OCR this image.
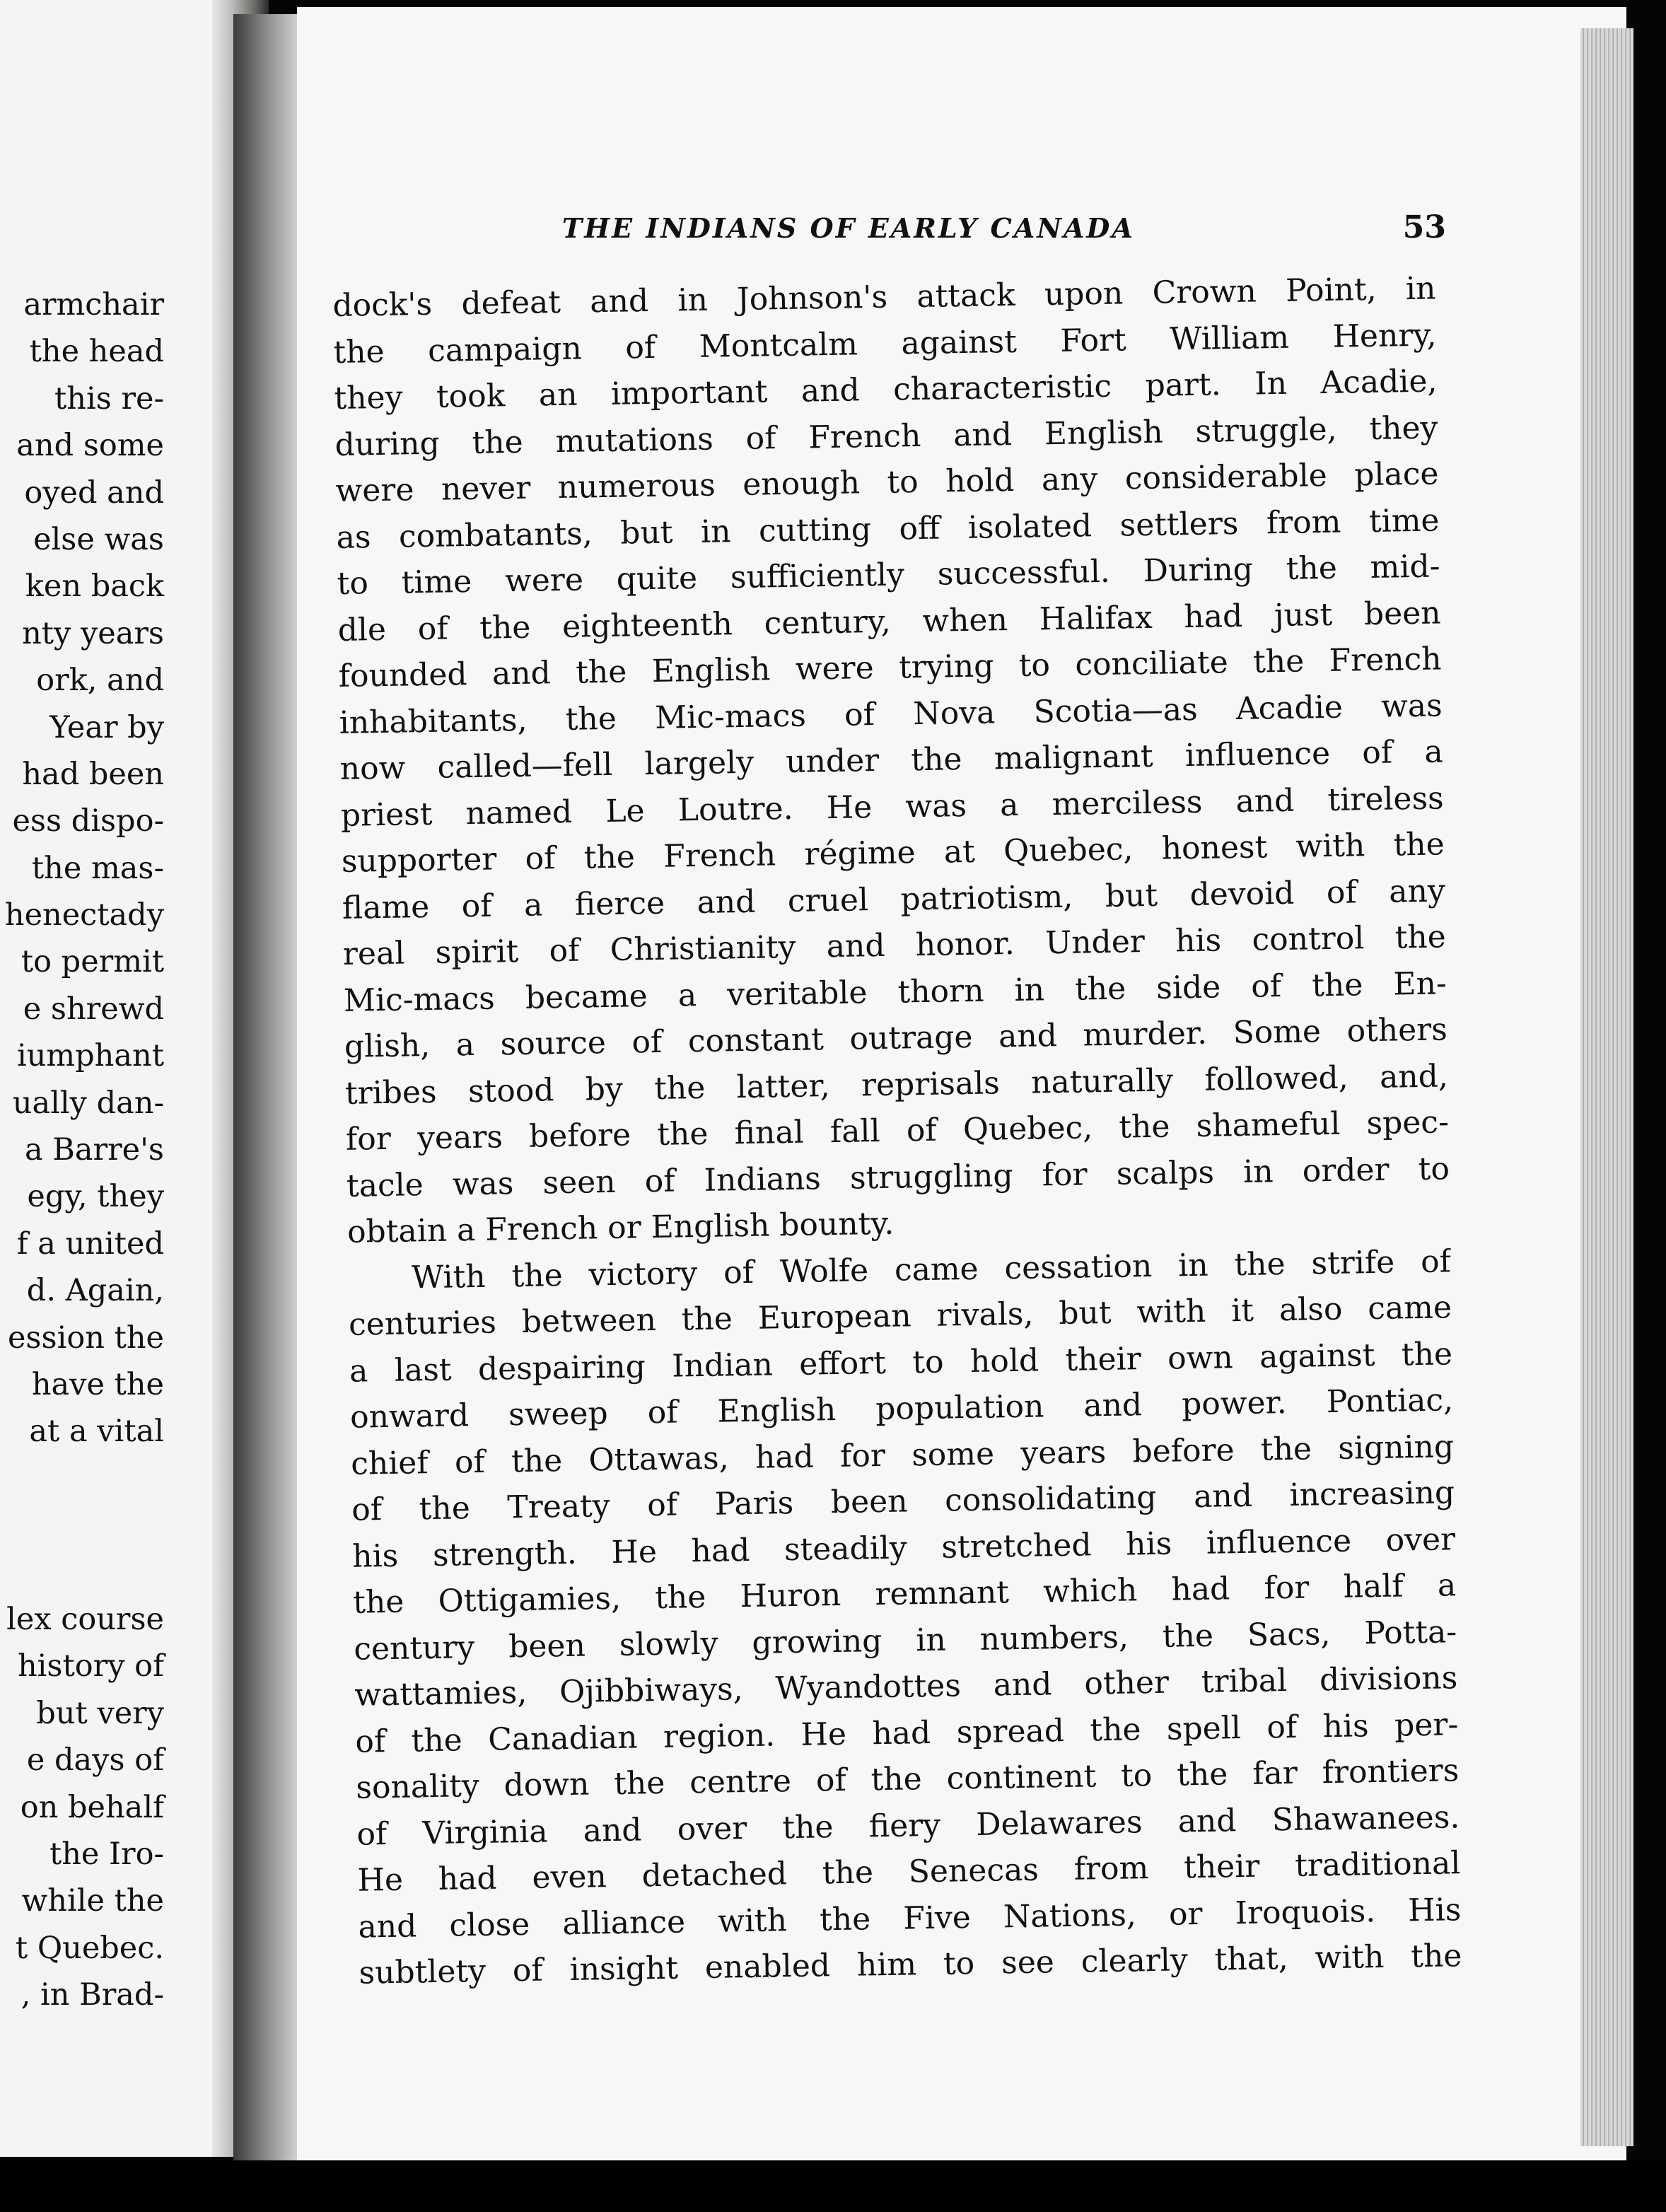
armchair
the head
this re-
and some
oyed and
else was
ken back
nty years
ork, and
Year by
had been
ess dispo-
the mas-
henectady
to permit
e shrewd
iumphant
ually dan-
a Barre's
egy, they
f a united
d. Again,
ession the
have the
at a vital
lex course
history of
but very
e days of
on behalf
the Iro-
while the
t Quebec.
, in Brad-
THE INDIANS OF EARLY CANADA	53
dock's defeat and in Johnson's attack upon Crown Point, in
the campaign of Montcalm against Fort William Henry,
they took an important and characteristic part. In Acadie,
during the mutations of French and English struggle, they
were never numerous enough to hold any considerable place
as combatants, but in cutting off isolated settlers from time
to time were quite sufficiently successful. During the mid-
dle of the eighteenth century, when Halifax had just been
founded and the English were trying to conciliate the French
inhabitants, the Mic-macs of Nova Scotia—as Acadie was
now called—fell largely under the malignant influence of a
priest named Le Loutre. He was a merciless and tireless
supporter of the French régime at Quebec, honest with the
flame of a fierce and cruel patriotism, but devoid of any
real spirit of Christianity and honor. Under his control the
Mic-macs became a veritable thorn in the side of the En-
glish, a source of constant outrage and murder. Some others
tribes stood by the latter, reprisals naturally followed, and,
for years before the final fall of Quebec, the shameful spec-
tacle was seen of Indians struggling for scalps in order to
obtain a French or English bounty.
With the victory of Wolfe came cessation in the strife of
centuries between the European rivals, but with it also came
a last despairing Indian effort to hold their own against the
onward sweep of English population and power. Pontiac,
chief of the Ottawas, had for some years before the signing
of the Treaty of Paris been consolidating and increasing
his strength. He had steadily stretched his influence over
the Ottigamies, the Huron remnant which had for half a
century been slowly growing in numbers, the Sacs, Potta-
wattamies, Ojibbiways, Wyandottes and other tribal divisions
of the Canadian region. He had spread the spell of his per-
sonality down the centre of the continent to the far frontiers
of Virginia and over the fiery Delawares and Shawanees.
He had even detached the Senecas from their traditional
and close alliance with the Five Nations, or Iroquois. His
subtlety of insight enabled him to see clearly that, with the
